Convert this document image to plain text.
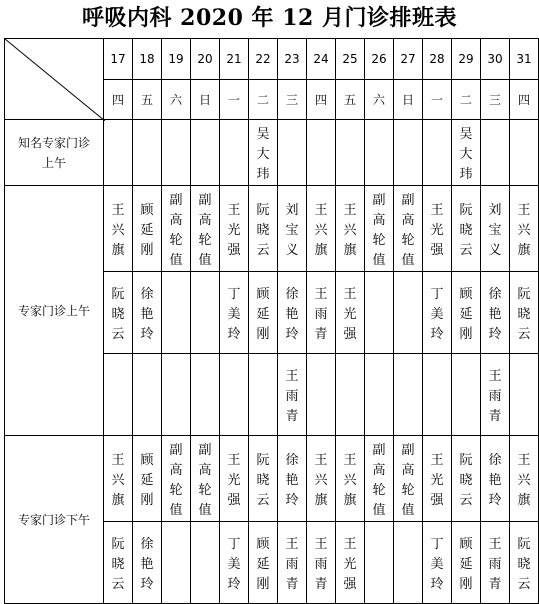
呼吸内科 2020 年 12 月门诊排班表
	17	18	19	20	21	22	23	24	25	26	27	28	29	30	31
	四	五	六	日	一	二	三	四	五	六	日	一	二	三	四
知名专家门诊上午						吴大玮							吴大玮		
专家门诊上午	王兴旗	顾延刚	副高轮值	副高轮值	王光强	阮晓云	刘宝义	王兴旗	王兴旗	副高轮值	副高轮值	王光强	阮晓云	刘宝义	王兴旗
	阮晓云	徐艳玲			丁美玲	顾延刚	徐艳玲	王雨青	王光强			丁美玲	顾延刚	徐艳玲	阮晓云
							王雨青							王雨青	
专家门诊下午	王兴旗	顾延刚	副高轮值	副高轮值	王光强	阮晓云	徐艳玲	王兴旗	王兴旗	副高轮值	副高轮值	王光强	阮晓云	徐艳玲	王兴旗
	阮晓云	徐艳玲			丁美玲	顾延刚	王雨青	王雨青	王光强			丁美玲	顾延刚	王雨青	阮晓云
